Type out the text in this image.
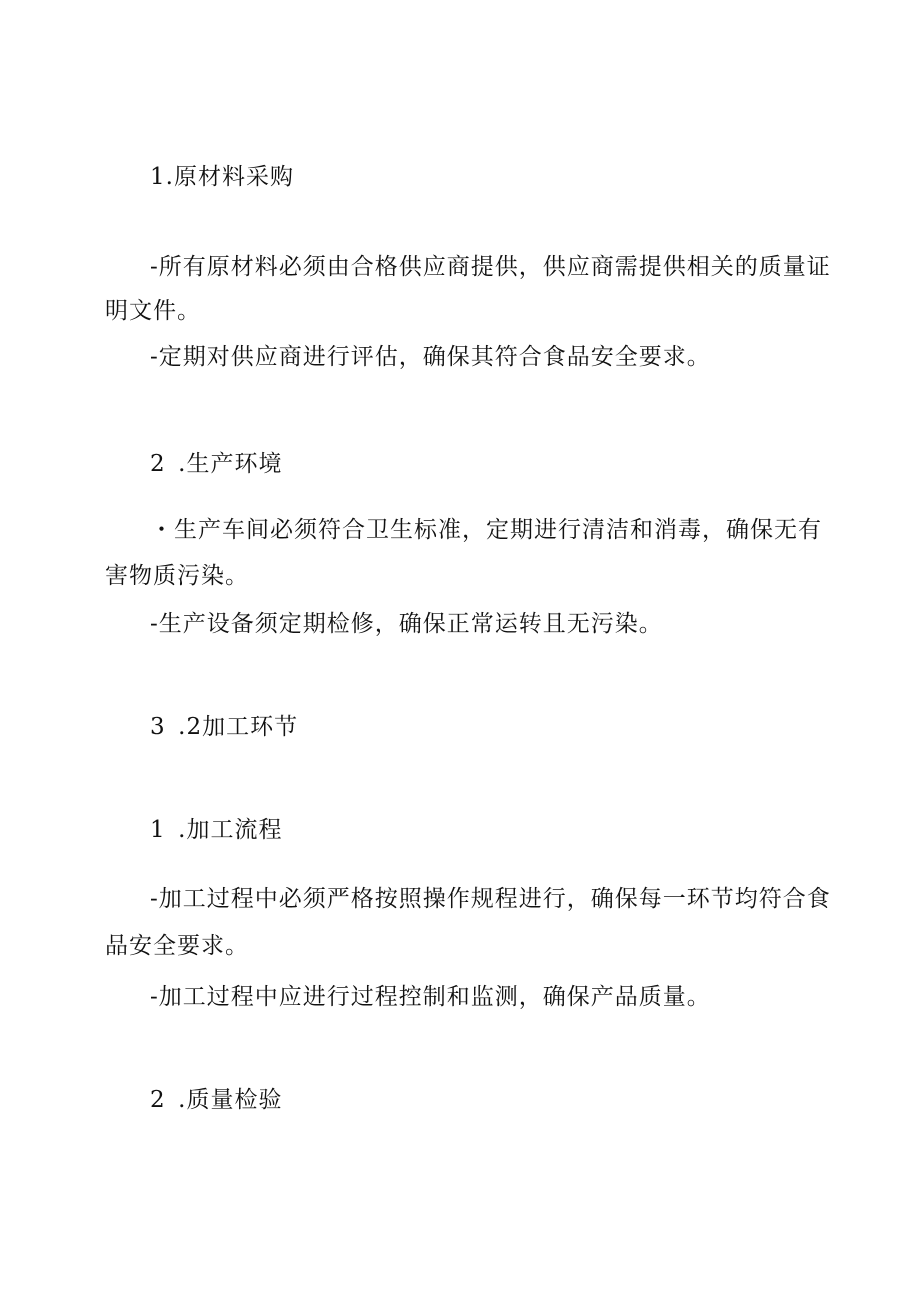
1.原材料采购
-所有原材料必须由合格供应商提供，供应商需提供相关的质量证
明文件。
-定期对供应商进行评估，确保其符合食品安全要求。
2 .生产环境
・生产车间必须符合卫生标准，定期进行清洁和消毒，确保无有
害物质污染。
-生产设备须定期检修，确保正常运转且无污染。
3 .2加工环节
1 .加工流程
-加工过程中必须严格按照操作规程进行，确保每一环节均符合食
品安全要求。
-加工过程中应进行过程控制和监测，确保产品质量。
2 .质量检验
